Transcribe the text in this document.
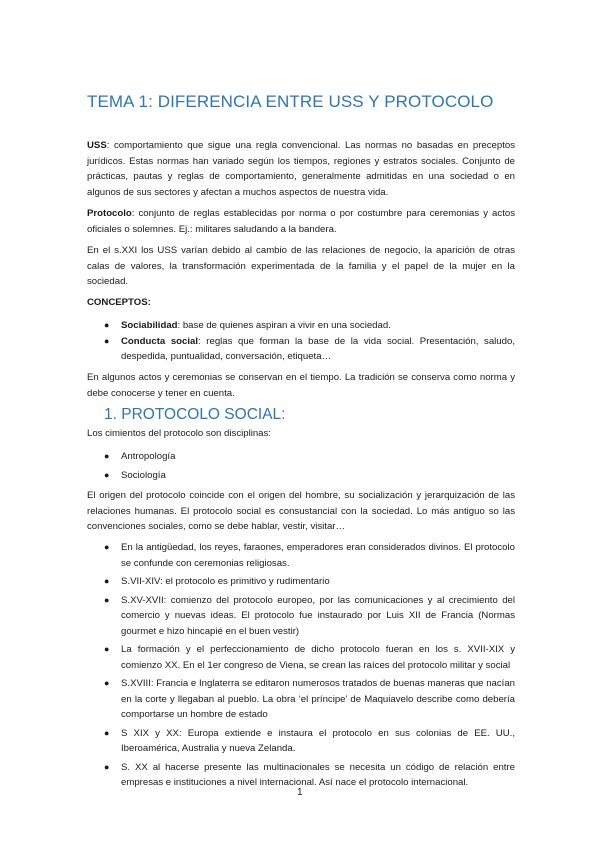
TEMA 1: DIFERENCIA ENTRE USS Y PROTOCOLO

USS: comportamiento que sigue una regla convencional. Las normas no basadas en preceptos jurídicos. Estas normas han variado según los tiempos, regiones y estratos sociales. Conjunto de prácticas, pautas y reglas de comportamiento, generalmente admitidas en una sociedad o en algunos de sus sectores y afectan a muchos aspectos de nuestra vida.

Protocolo: conjunto de reglas establecidas por norma o por costumbre para ceremonias y actos oficiales o solemnes. Ej.: militares saludando a la bandera.

En el s.XXI los USS varían debido al cambio de las relaciones de negocio, la aparición de otras calas de valores, la transformación experimentada de la familia y el papel de la mujer en la sociedad.

CONCEPTOS:

● Sociabilidad: base de quienes aspiran a vivir en una sociedad.
● Conducta social: reglas que forman la base de la vida social. Presentación, saludo, despedida, puntualidad, conversación, etiqueta…

En algunos actos y ceremonias se conservan en el tiempo. La tradición se conserva como norma y debe conocerse y tener en cuenta.

1. PROTOCOLO SOCIAL:

Los cimientos del protocolo son disciplinas:

● Antropología
● Sociología

El origen del protocolo coincide con el origen del hombre, su socialización y jerarquización de las relaciones humanas. El protocolo social es consustancial con la sociedad. Lo más antiguo so las convenciones sociales, como se debe hablar, vestir, visitar…

● En la antigüedad, los reyes, faraones, emperadores eran considerados divinos. El protocolo se confunde con ceremonias religiosas.
● S.VII-XIV: el protocolo es primitivo y rudimentario
● S.XV-XVII: comienzo del protocolo europeo, por las comunicaciones y al crecimiento del comercio y nuevas ideas. El protocolo fue instaurado por Luis XII de Francia (Normas gourmet e hizo hincapié en el buen vestir)
● La formación y el perfeccionamiento de dicho protocolo fueran en los s. XVII-XIX y comienzo XX. En el 1er congreso de Viena, se crean las raíces del protocolo militar y social
● S.XVIII: Francia e Inglaterra se editaron numerosos tratados de buenas maneras que nacían en la corte y llegaban al pueblo. La obra ‘el príncipe’ de Maquiavelo describe como debería comportarse un hombre de estado
● S XIX y XX: Europa extiende e instaura el protocolo en sus colonias de EE. UU., Iberoamérica, Australia y nueva Zelanda.
● S. XX al hacerse presente las multinacionales se necesita un código de relación entre empresas e instituciones a nivel internacional. Así nace el protocolo internacional.
1
